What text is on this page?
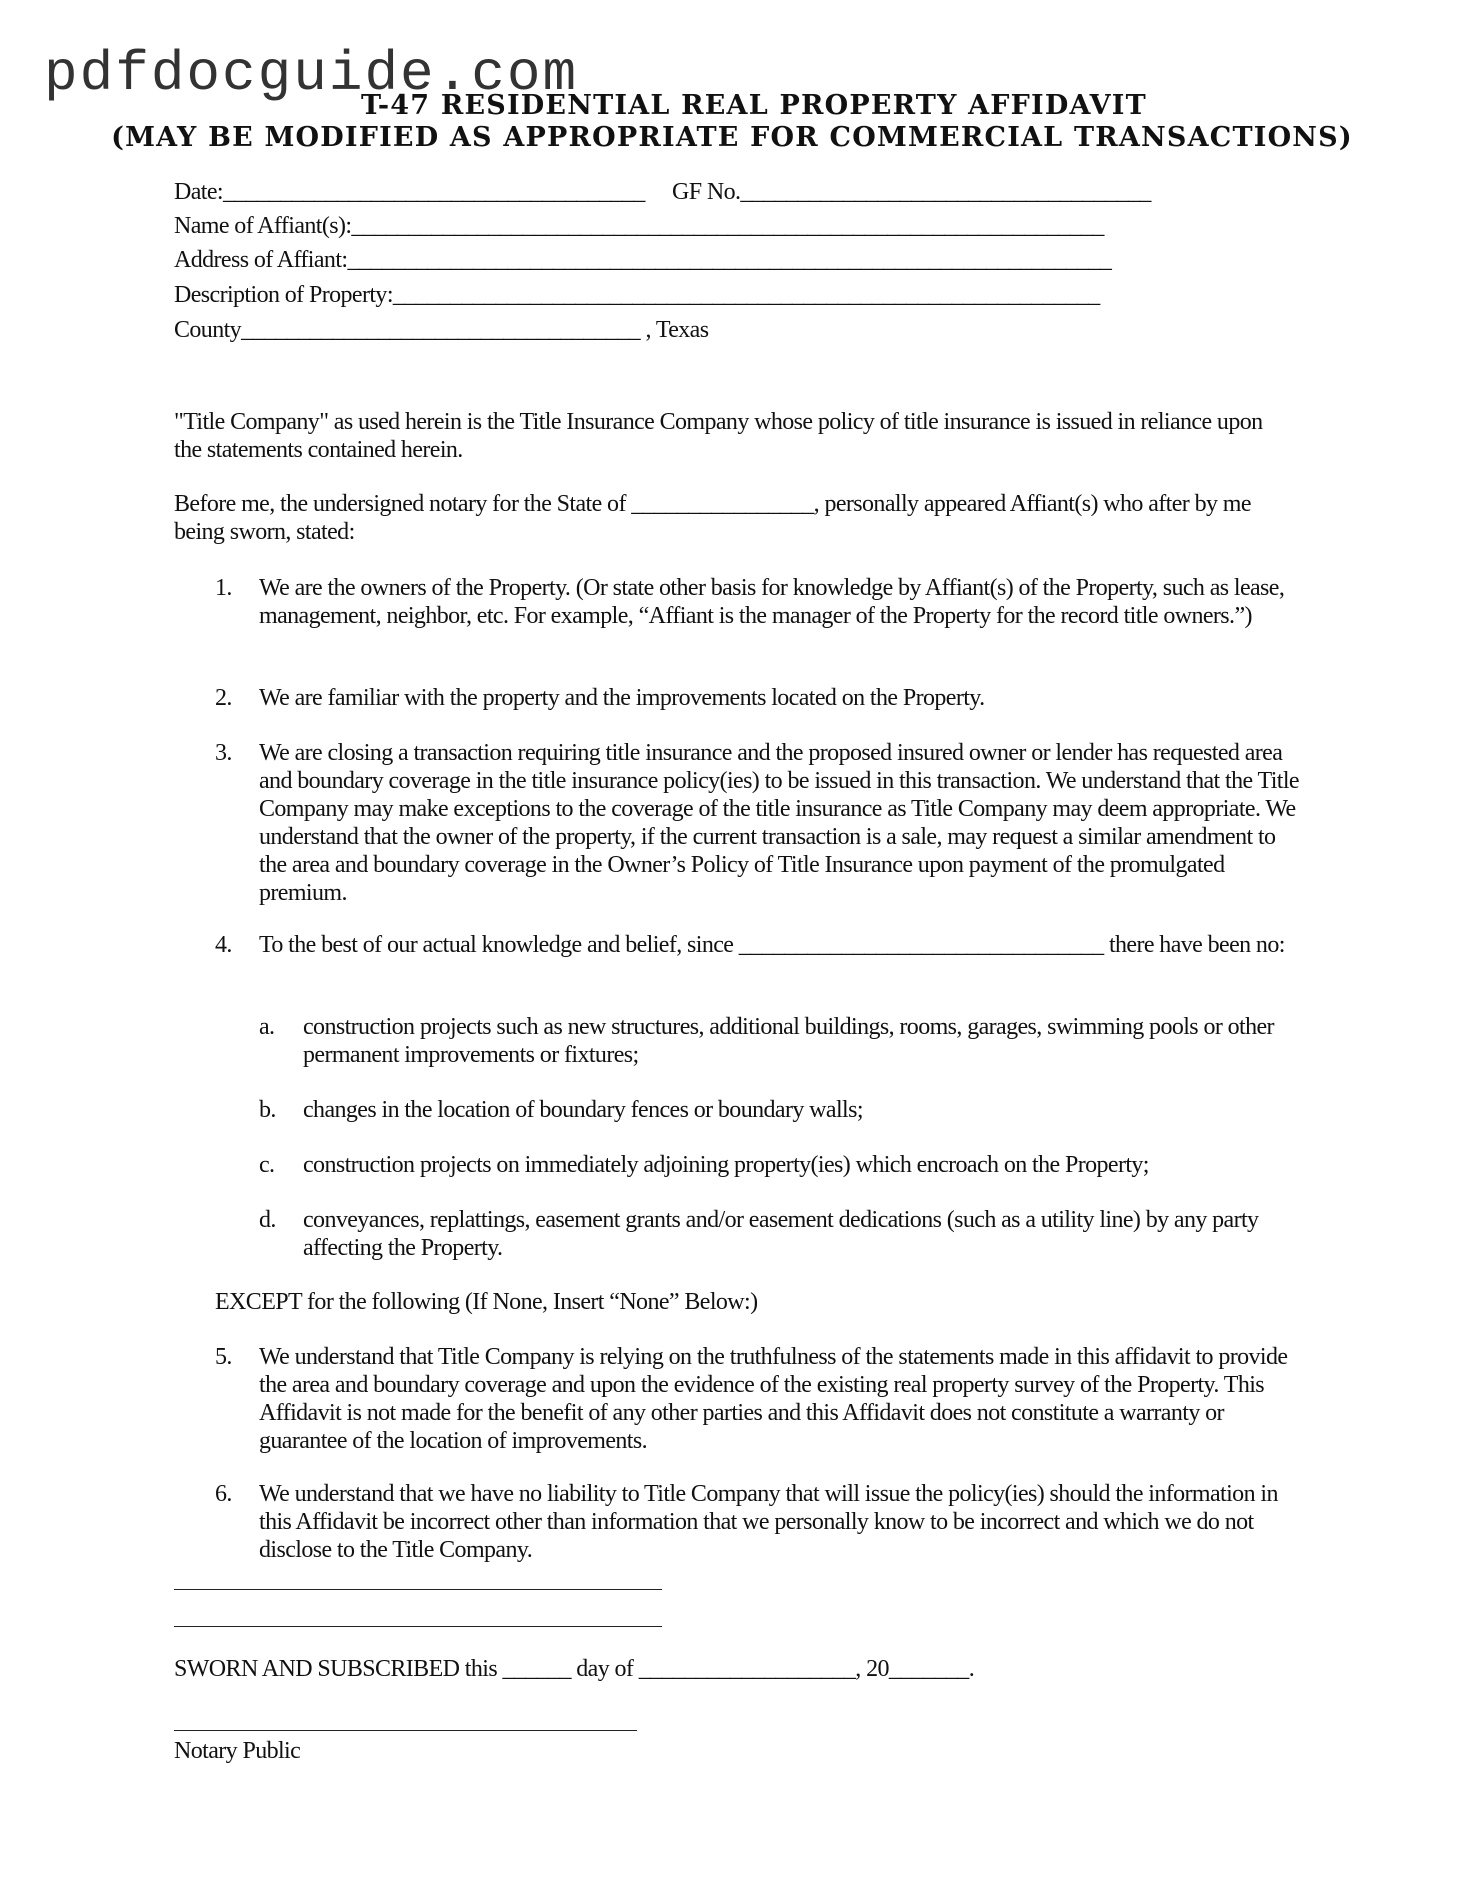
pdfdocguide.com
T-47 RESIDENTIAL REAL PROPERTY AFFIDAVIT
(MAY BE MODIFIED AS APPROPRIATE FOR COMMERCIAL TRANSACTIONS)
Date:_____________________________________ GF No.____________________________________
Name of Affiant(s):__________________________________________________________________
Address of Affiant:___________________________________________________________________
Description of Property:______________________________________________________________
County___________________________________ , Texas

"Title Company" as used herein is the Title Insurance Company whose policy of title insurance is issued in reliance upon the statements contained herein.

Before me, the undersigned notary for the State of ________________, personally appeared Affiant(s) who after by me being sworn, stated:

1. We are the owners of the Property. (Or state other basis for knowledge by Affiant(s) of the Property, such as lease, management, neighbor, etc. For example, “Affiant is the manager of the Property for the record title owners.”)

2. We are familiar with the property and the improvements located on the Property.

3. We are closing a transaction requiring title insurance and the proposed insured owner or lender has requested area and boundary coverage in the title insurance policy(ies) to be issued in this transaction. We understand that the Title Company may make exceptions to the coverage of the title insurance as Title Company may deem appropriate. We understand that the owner of the property, if the current transaction is a sale, may request a similar amendment to the area and boundary coverage in the Owner’s Policy of Title Insurance upon payment of the promulgated premium.

4. To the best of our actual knowledge and belief, since ________________________________ there have been no:

a. construction projects such as new structures, additional buildings, rooms, garages, swimming pools or other permanent improvements or fixtures;

b. changes in the location of boundary fences or boundary walls;

c. construction projects on immediately adjoining property(ies) which encroach on the Property;

d. conveyances, replattings, easement grants and/or easement dedications (such as a utility line) by any party affecting the Property.

EXCEPT for the following (If None, Insert “None” Below:)
5. We understand that Title Company is relying on the truthfulness of the statements made in this affidavit to provide the area and boundary coverage and upon the evidence of the existing real property survey of the Property. This Affidavit is not made for the benefit of any other parties and this Affidavit does not constitute a warranty or guarantee of the location of improvements.

6. We understand that we have no liability to Title Company that will issue the policy(ies) should the information in this Affidavit be incorrect other than information that we personally know to be incorrect and which we do not disclose to the Title Company.

SWORN AND SUBSCRIBED this ______ day of ___________________, 20_______.
Notary Public
